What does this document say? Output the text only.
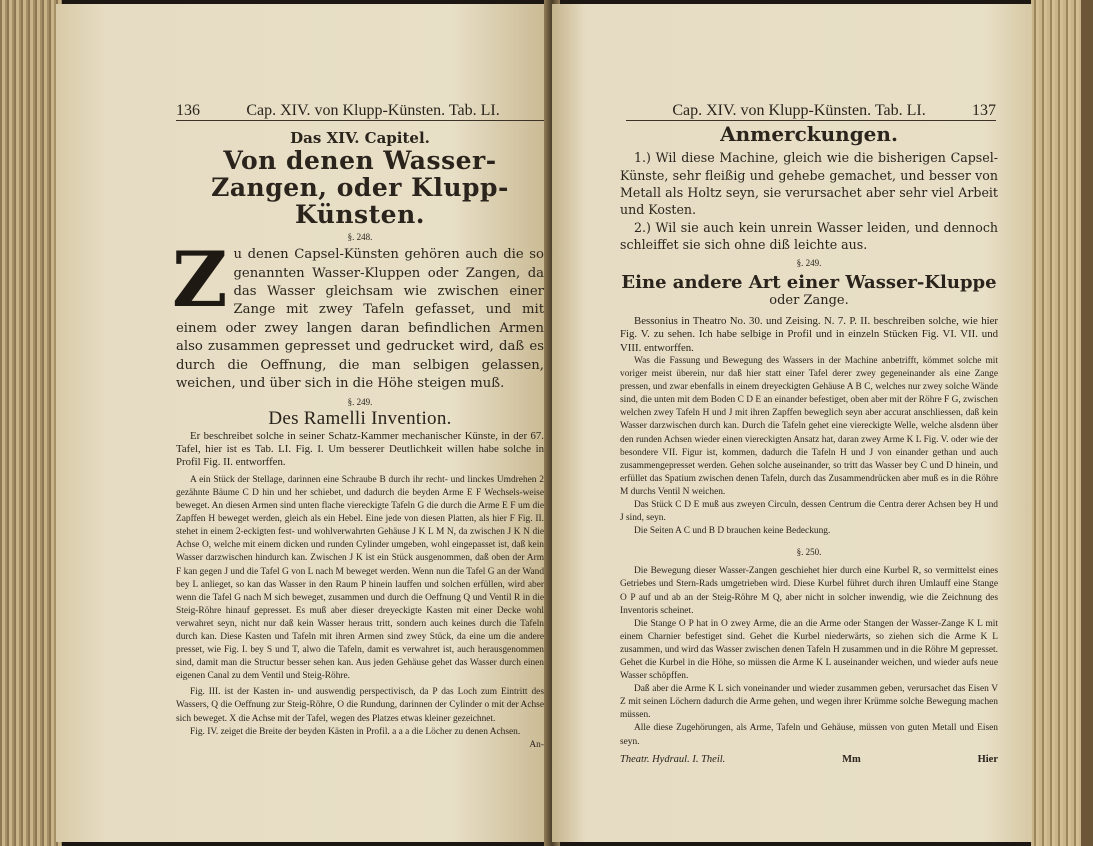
136	Cap. XIV. von Klupp-Künsten. Tab. LI.
Das XIV. Capitel.
Von denen Wasser-Zangen, oder Klupp-
Künsten.
§. 248.
Zu denen Capsel-Künsten gehören auch die so genannten Wasser-Kluppen oder Zangen, da das Wasser gleichsam wie zwischen einer Zange mit zwey Tafeln gefasset, und mit einem oder zwey langen daran befindlichen Armen also zusammen gepresset und gedrucket wird, daß es durch die Oeffnung, die man selbigen gelassen, weichen, und über sich in die Höhe steigen muß.
§. 249.
Des Ramelli Invention.

Er beschreibet solche in seiner Schatz-Kammer mechanischer Künste, in der 67. Tafel, hier ist es Tab. LI. Fig. I. Um besserer Deutlichkeit willen habe solche in Profil Fig. II. entworffen.

A ein Stück der Stellage, darinnen eine Schraube B durch ihr recht- und linckes Umdrehen 2 gezähnte Bäume C D hin und her schiebet, und dadurch die beyden Arme E F Wechsels-weise beweget. An diesen Armen sind unten flache viereckigte Tafeln G die durch die Arme E F um die Zapffen H beweget werden, gleich als ein Hebel. Eine jede von diesen Platten, als hier F Fig. II. stehet in einem 2-eckigten fest- und wohlverwahrten Gehäuse J K L M N, da zwischen J K N die Achse O, welche mit einem dicken und runden Cylinder umgeben, wohl eingepasset ist, daß kein Wasser darzwischen hindurch kan. Zwischen J K ist ein Stück ausgenommen, daß oben der Arm F kan gegen J und die Tafel G von L nach M beweget werden. Wenn nun die Tafel G an der Wand bey L anlieget, so kan das Wasser in den Raum P hinein lauffen und solchen erfüllen, wird aber wenn die Tafel G nach M sich beweget, zusammen und durch die Oeffnung Q und Ventil R in die Steig-Röhre hinauf gepresset. Es muß aber dieser dreyeckigte Kasten mit einer Decke wohl verwahret seyn, nicht nur daß kein Wasser heraus tritt, sondern auch keines durch die Tafeln durch kan. Diese Kasten und Tafeln mit ihren Armen sind zwey Stück, da eine um die andere presset, wie Fig. I. bey S und T, alwo die Tafeln, damit es verwahret ist, auch herausgenommen sind, damit man die Structur besser sehen kan. Aus jeden Gehäuse gehet das Wasser durch einen eigenen Canal zu dem Ventil und Steig-Röhre.

Fig. III. ist der Kasten in- und auswendig perspectivisch, da P das Loch zum Eintritt des Wassers, Q die Oeffnung zur Steig-Röhre, O die Rundung, darinnen der Cylinder o mit der Achse sich beweget. X die Achse mit der Tafel, wegen des Platzes etwas kleiner gezeichnet.

Fig. IV. zeiget die Breite der beyden Kästen in Profil. a a a die Löcher zu denen Achsen.

An-
Cap. XIV. von Klupp-Künsten. Tab. LI.	137
Anmerckungen.

1.) Wil diese Machine, gleich wie die bisherigen Capsel-Künste, sehr fleißig und gehebe gemachet, und besser von Metall als Holtz seyn, sie verursachet aber sehr viel Arbeit und Kosten.

2.) Wil sie auch kein unrein Wasser leiden, und dennoch schleiffet sie sich ohne diß leichte aus.

§. 249.
Eine andere Art einer Wasser-Kluppe
oder Zange.

Bessonius in Theatro No. 30. und Zeising. N. 7. P. II. beschreiben solche, wie hier Fig. V. zu sehen. Ich habe selbige in Profil und in einzeln Stücken Fig. VI. VII. und VIII. entworffen.

Was die Fassung und Bewegung des Wassers in der Machine anbetrifft, kömmet solche mit voriger meist überein, nur daß hier statt einer Tafel derer zwey gegeneinander als eine Zange pressen, und zwar ebenfalls in einem dreyeckigten Gehäuse A B C, welches nur zwey solche Wände sind, die unten mit dem Boden C D E an einander befestiget, oben aber mit der Röhre F G, zwischen welchen zwey Tafeln H und J mit ihren Zapffen beweglich seyn aber accurat anschliessen, daß kein Wasser darzwischen durch kan. Durch die Tafeln gehet eine viereckigte Welle, welche alsdenn über den runden Achsen wieder einen viereckigten Ansatz hat, daran zwey Arme K L Fig. V. oder wie der besondere VII. Figur ist, kommen, dadurch die Tafeln H und J von einander gethan und auch zusammengepresset werden. Gehen solche auseinander, so tritt das Wasser bey C und D hinein, und erfüllet das Spatium zwischen denen Tafeln, durch das Zusammendrücken aber muß es in die Röhre M durchs Ventil N weichen.

Das Stück C D E muß aus zweyen Circuln, dessen Centrum die Centra derer Achsen bey H und J sind, seyn.

Die Seiten A C und B D brauchen keine Bedeckung.

§. 250.

Die Bewegung dieser Wasser-Zangen geschiehet hier durch eine Kurbel R, so vermittelst eines Getriebes und Stern-Rads umgetrieben wird. Diese Kurbel führet durch ihren Umlauff eine Stange O P auf und ab an der Steig-Röhre M Q, aber nicht in solcher inwendig, wie die Zeichnung des Inventoris scheinet.

Die Stange O P hat in O zwey Arme, die an die Arme oder Stangen der Wasser-Zange K L mit einem Charnier befestiget sind. Gehet die Kurbel niederwärts, so ziehen sich die Arme K L zusammen, und wird das Wasser zwischen denen Tafeln H zusammen und in die Röhre M gepresset. Gehet die Kurbel in die Höhe, so müssen die Arme K L auseinander weichen, und wieder aufs neue Wasser schöpffen.

Daß aber die Arme K L sich voneinander und wieder zusammen geben, verursachet das Eisen V Z mit seinen Löchern dadurch die Arme gehen, und wegen ihrer Krümme solche Bewegung machen müssen.

Alle diese Zugehörungen, als Arme, Tafeln und Gehäuse, müssen von guten Metall und Eisen seyn.

Theatr. Hydraul. I. Theil.	Mm	Hier
